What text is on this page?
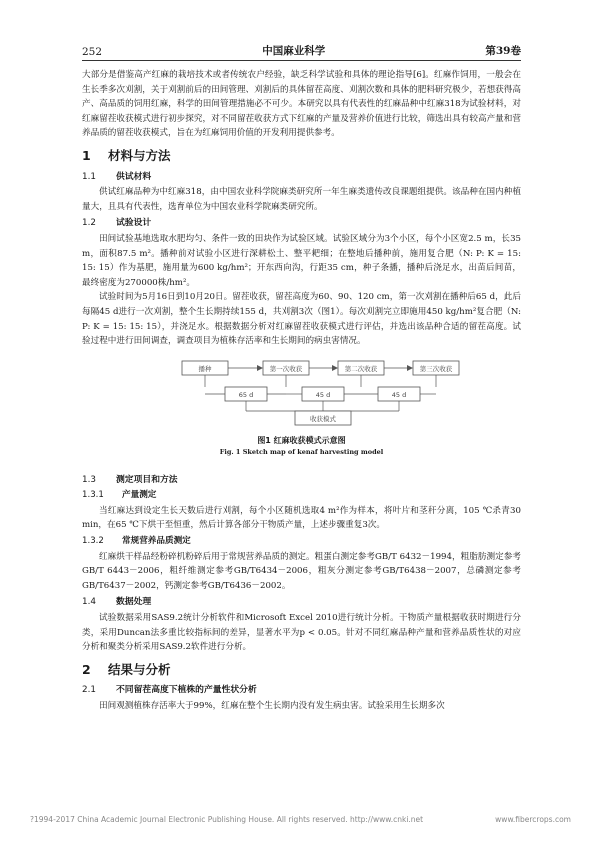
252	中国麻业科学	第39卷

大部分是借鉴高产红麻的栽培技术或者传统农户经验，缺乏科学试验和具体的理论指导[6]。红麻作饲用，一般会在生长季多次刈割，关于刈割前后的田间管理、刈割后的具体留茬高度、刈割次数和具体的肥料研究极少，若想获得高产、高品质的饲用红麻，科学的田间管理措施必不可少。本研究以具有代表性的红麻品种中红麻318为试验材料，对红麻留茬收获模式进行初步探究，对不同留茬收获方式下红麻的产量及营养价值进行比较，筛选出具有较高产量和营养品质的留茬收获模式，旨在为红麻饲用价值的开发利用提供参考。

1 材料与方法
1.1 供试材料

供试红麻品种为中红麻318，由中国农业科学院麻类研究所一年生麻类遗传改良课题组提供。该品种在国内种植量大，且具有代表性，选育单位为中国农业科学院麻类研究所。

1.2 试验设计

田间试验基地选取水肥均匀、条件一致的田块作为试验区域。试验区域分为3个小区，每个小区宽2.5 m，长35 m，面积87.5 m²。播种前对试验小区进行深耕松土、整平耙细；在整地后播种前，施用复合肥（N: P: K = 15: 15: 15）作为基肥，施用量为600 kg/hm²；开东西向沟，行距35 cm，种子条播，播种后浇足水，出苗后间苗，最终密度为270000株/hm²。

试验时间为5月16日到10月20日。留茬收获，留茬高度为60、90、120 cm，第一次刈割在播种后65 d，此后每隔45 d进行一次刈割，整个生长期持续155 d，共刈割3次（图1）。每次刈割完立即施用450 kg/hm²复合肥（N: P: K = 15: 15: 15），并浇足水。根据数据分析对红麻留茬收获模式进行评估，并选出该品种合适的留茬高度。试验过程中进行田间调查，调查项目为植株存活率和生长期间的病虫害情况。

播种	第一次收获	第二次收获	第三次收获
65 d	45 d	45 d
收获模式
图1 红麻收获模式示意图
Fig. 1 Sketch map of kenaf harvesting model
1.3 测定项目和方法
1.3.1 产量测定

当红麻达到设定生长天数后进行刈割，每个小区随机选取4 m²作为样本，将叶片和茎秆分离，105 ℃杀青30 min，在65 ℃下烘干至恒重，然后计算各部分干物质产量，上述步骤重复3次。

1.3.2 常规营养品质测定

红麻烘干样品经粉碎机粉碎后用于常规营养品质的测定。粗蛋白测定参考GB/T 6432－1994，粗脂肪测定参考GB/T 6443－2006，粗纤维测定参考GB/T6434－2006，粗灰分测定参考GB/T6438－2007，总磷测定参考GB/T6437－2002，钙测定参考GB/T6436－2002。

1.4 数据处理

试验数据采用SAS9.2统计分析软件和Microsoft Excel 2010进行统计分析。干物质产量根据收获时期进行分类，采用Duncan法多重比较指标间的差异，显著水平为p < 0.05。针对不同红麻品种产量和营养品质性状的对应分析和聚类分析采用SAS9.2软件进行分析。

2 结果与分析
2.1 不同留茬高度下植株的产量性状分析

田间观测植株存活率大于99%，红麻在整个生长期内没有发生病虫害。试验采用生长期多次

?1994-2017 China Academic Journal Electronic Publishing House. All rights reserved. http://www.cnki.net	www.fibercrops.com
